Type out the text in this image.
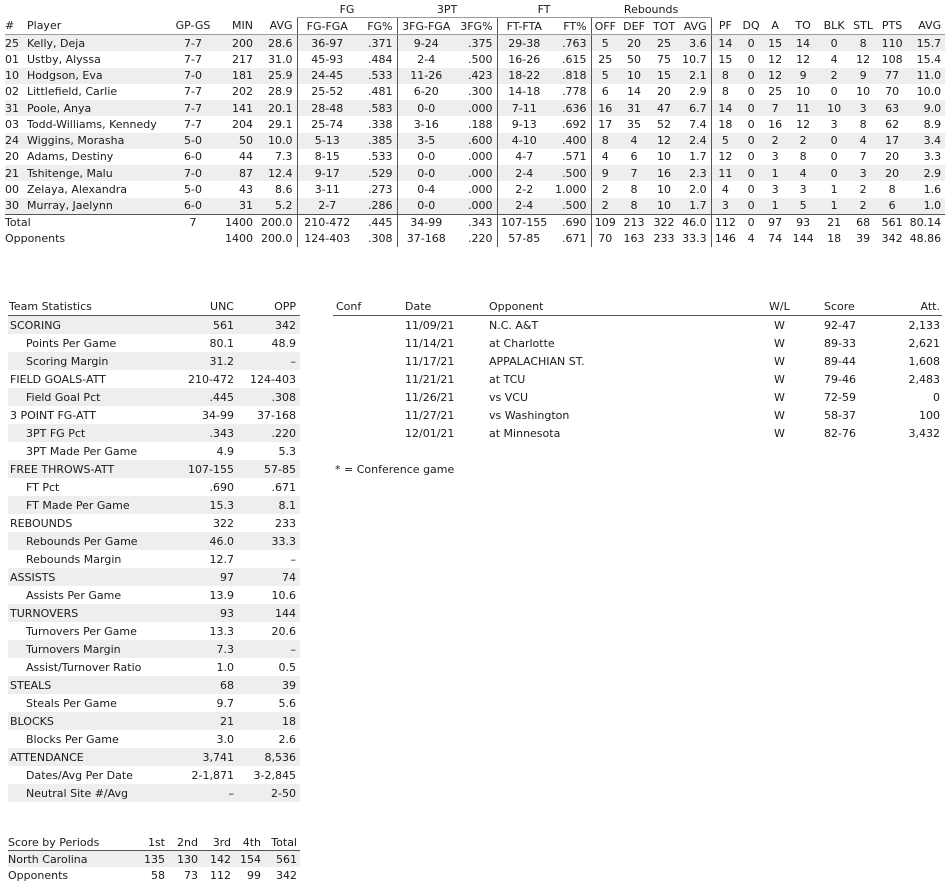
					FG		3PT		FT		Rebounds											
#	Player	GP-GS	MIN	AVG	FG-FGA	FG%	3FG-FGA	3FG%	FT-FTA	FT%	OFF	DEF	TOT	AVG	PF	DQ	A	TO	BLK	STL	PTS	AVG
25	Kelly, Deja	7-7	200	28.6	36-97	.371	9-24	.375	29-38	.763	5	20	25	3.6	14	0	15	14	0	8	110	15.7
01	Ustby, Alyssa	7-7	217	31.0	45-93	.484	2-4	.500	16-26	.615	25	50	75	10.7	15	0	12	12	4	12	108	15.4
10	Hodgson, Eva	7-0	181	25.9	24-45	.533	11-26	.423	18-22	.818	5	10	15	2.1	8	0	12	9	2	9	77	11.0
02	Littlefield, Carlie	7-7	202	28.9	25-52	.481	6-20	.300	14-18	.778	6	14	20	2.9	8	0	25	10	0	10	70	10.0
31	Poole, Anya	7-7	141	20.1	28-48	.583	0-0	.000	7-11	.636	16	31	47	6.7	14	0	7	11	10	3	63	9.0
03	Todd-Williams, Kennedy	7-7	204	29.1	25-74	.338	3-16	.188	9-13	.692	17	35	52	7.4	18	0	16	12	3	8	62	8.9
24	Wiggins, Morasha	5-0	50	10.0	5-13	.385	3-5	.600	4-10	.400	8	4	12	2.4	5	0	2	2	0	4	17	3.4
20	Adams, Destiny	6-0	44	7.3	8-15	.533	0-0	.000	4-7	.571	4	6	10	1.7	12	0	3	8	0	7	20	3.3
21	Tshitenge, Malu	7-0	87	12.4	9-17	.529	0-0	.000	2-4	.500	9	7	16	2.3	11	0	1	4	0	3	20	2.9
00	Zelaya, Alexandra	5-0	43	8.6	3-11	.273	0-4	.000	2-2	1.000	2	8	10	2.0	4	0	3	3	1	2	8	1.6
30	Murray, Jaelynn	6-0	31	5.2	2-7	.286	0-0	.000	2-4	.500	2	8	10	1.7	3	0	1	5	1	2	6	1.0
Total		7	1400	200.0	210-472	.445	34-99	.343	107-155	.690	109	213	322	46.0	112	0	97	93	21	68	561	80.14
Opponents			1400	200.0	124-403	.308	37-168	.220	57-85	.671	70	163	233	33.3	146	4	74	144	18	39	342	48.86
Team Statistics	UNC	OPP
SCORING	561	342
Points Per Game	80.1	48.9
Scoring Margin	31.2	–
FIELD GOALS-ATT	210-472	124-403
Field Goal Pct	.445	.308
3 POINT FG-ATT	34-99	37-168
3PT FG Pct	.343	.220
3PT Made Per Game	4.9	5.3
FREE THROWS-ATT	107-155	57-85
FT Pct	.690	.671
FT Made Per Game	15.3	8.1
REBOUNDS	322	233
Rebounds Per Game	46.0	33.3
Rebounds Margin	12.7	–
ASSISTS	97	74
Assists Per Game	13.9	10.6
TURNOVERS	93	144
Turnovers Per Game	13.3	20.6
Turnovers Margin	7.3	–
Assist/Turnover Ratio	1.0	0.5
STEALS	68	39
Steals Per Game	9.7	5.6
BLOCKS	21	18
Blocks Per Game	3.0	2.6
ATTENDANCE	3,741	8,536
Dates/Avg Per Date	2-1,871	3-2,845
Neutral Site #/Avg	–	2-50
Conf	Date	Opponent	W/L	Score	Att.
	11/09/21	N.C. A&T	W	92-47	2,133
	11/14/21	at Charlotte	W	89-33	2,621
	11/17/21	APPALACHIAN ST.	W	89-44	1,608
	11/21/21	at TCU	W	79-46	2,483
	11/26/21	vs VCU	W	72-59	0
	11/27/21	vs Washington	W	58-37	100
	12/01/21	at Minnesota	W	82-76	3,432
* = Conference game
Score by Periods	1st	2nd	3rd	4th	Total
North Carolina	135	130	142	154	561
Opponents	58	73	112	99	342
